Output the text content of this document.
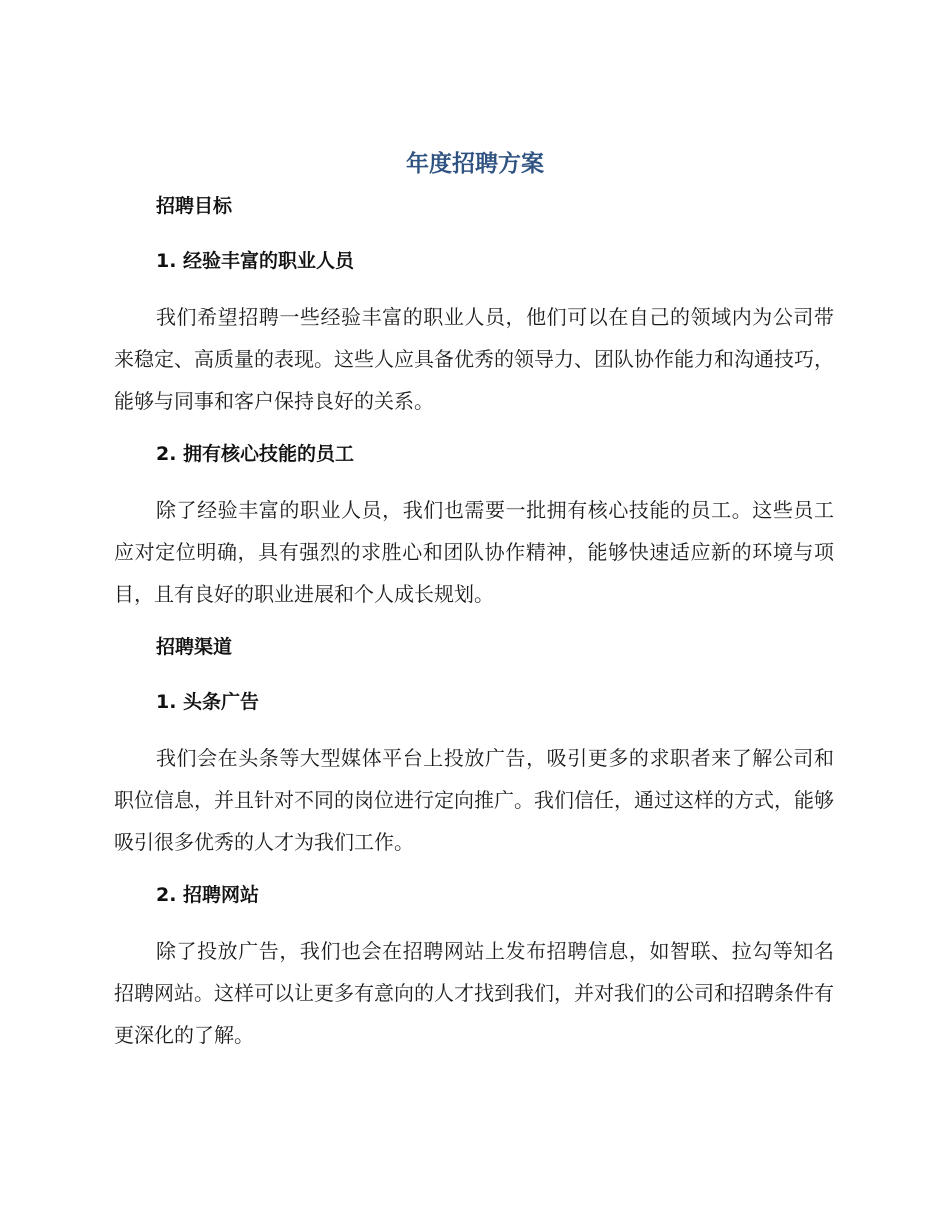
年度招聘方案
招聘目标
1. 经验丰富的职业人员

我们希望招聘一些经验丰富的职业人员，他们可以在自己的领域内为公司带来稳定、高质量的表现。这些人应具备优秀的领导力、团队协作能力和沟通技巧，能够与同事和客户保持良好的关系。

2. 拥有核心技能的员工

除了经验丰富的职业人员，我们也需要一批拥有核心技能的员工。这些员工应对定位明确，具有强烈的求胜心和团队协作精神，能够快速适应新的环境与项目，且有良好的职业进展和个人成长规划。

招聘渠道
1. 头条广告

我们会在头条等大型媒体平台上投放广告，吸引更多的求职者来了解公司和职位信息，并且针对不同的岗位进行定向推广。我们信任，通过这样的方式，能够吸引很多优秀的人才为我们工作。

2. 招聘网站

除了投放广告，我们也会在招聘网站上发布招聘信息，如智联、拉勾等知名招聘网站。这样可以让更多有意向的人才找到我们，并对我们的公司和招聘条件有更深化的了解。
